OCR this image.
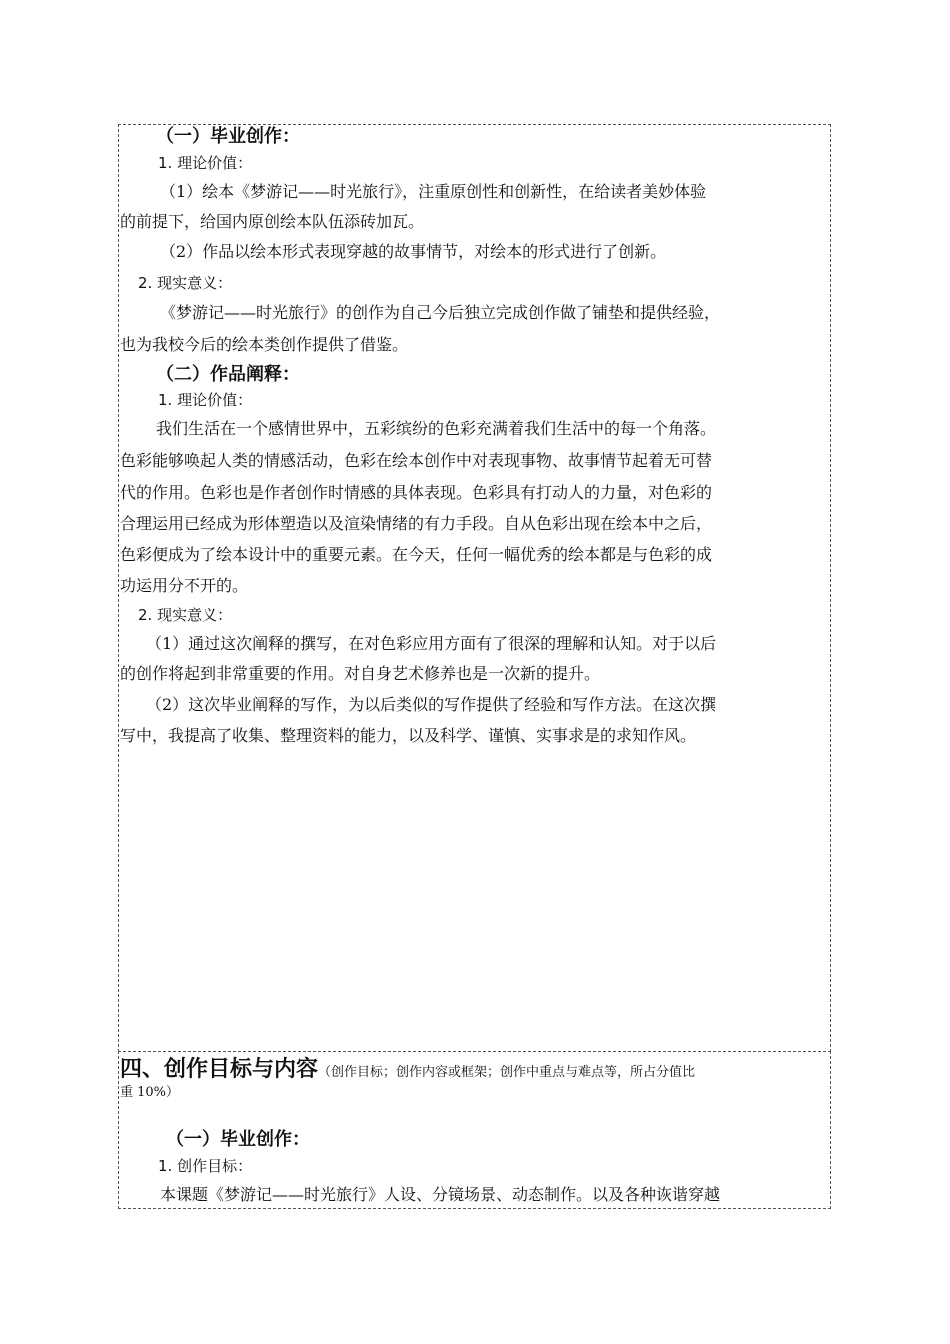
（一）毕业创作：
1. 理论价值：
（1）绘本《梦游记——时光旅行》，注重原创性和创新性，在给读者美妙体验
的前提下，给国内原创绘本队伍添砖加瓦。
（2）作品以绘本形式表现穿越的故事情节，对绘本的形式进行了创新。
2. 现实意义：
《梦游记——时光旅行》的创作为自己今后独立完成创作做了铺垫和提供经验，
也为我校今后的绘本类创作提供了借鉴。
（二）作品阐释：
1. 理论价值：
我们生活在一个感情世界中，五彩缤纷的色彩充满着我们生活中的每一个角落。
色彩能够唤起人类的情感活动，色彩在绘本创作中对表现事物、故事情节起着无可替
代的作用。色彩也是作者创作时情感的具体表现。色彩具有打动人的力量，对色彩的
合理运用已经成为形体塑造以及渲染情绪的有力手段。自从色彩出现在绘本中之后，
色彩便成为了绘本设计中的重要元素。在今天，任何一幅优秀的绘本都是与色彩的成
功运用分不开的。
2. 现实意义：
（1）通过这次阐释的撰写，在对色彩应用方面有了很深的理解和认知。对于以后
的创作将起到非常重要的作用。对自身艺术修养也是一次新的提升。
（2）这次毕业阐释的写作，为以后类似的写作提供了经验和写作方法。在这次撰
写中，我提高了收集、整理资料的能力，以及科学、谨慎、实事求是的求知作风。
四、创作目标与内容（创作目标；创作内容或框架；创作中重点与难点等，所占分值比
重 10%）
（一）毕业创作：
1. 创作目标：
本课题《梦游记——时光旅行》人设、分镜场景、动态制作。以及各种诙谐穿越
